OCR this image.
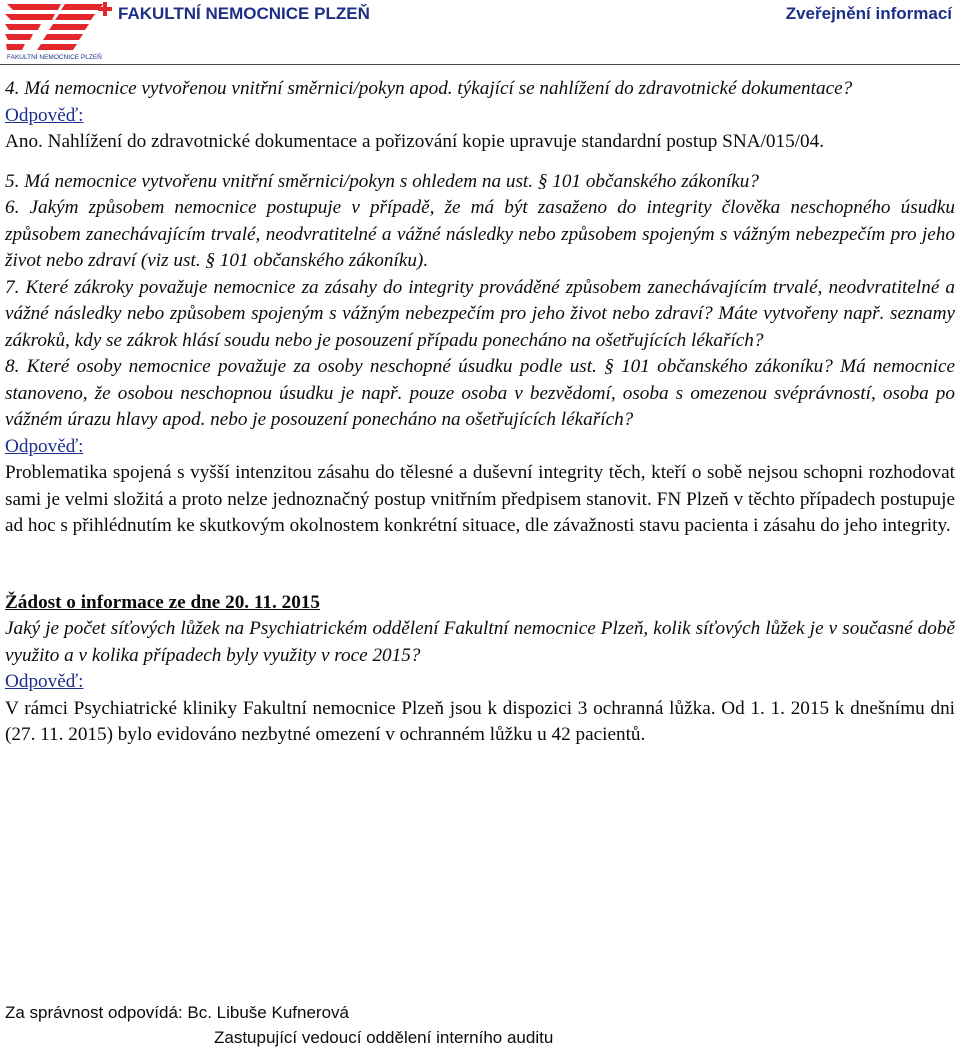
FAKULTNÍ NEMOCNICE PLZEŇ
FAKULTNÍ NEMOCNICE PLZEŇ	Zveřejnění informací

4. Má nemocnice vytvořenou vnitřní směrnici/pokyn apod. týkající se nahlížení do zdravotnické dokumentace?

Odpověď:

Ano. Nahlížení do zdravotnické dokumentace a pořizování kopie upravuje standardní postup SNA/015/04.

5. Má nemocnice vytvořenu vnitřní směrnici/pokyn s ohledem na ust. § 101 občanského zákoníku?

6. Jakým způsobem nemocnice postupuje v případě, že má být zasaženo do integrity člověka neschopného úsudku způsobem zanechávajícím trvalé, neodvratitelné a vážné následky nebo způsobem spojeným s vážným nebezpečím pro jeho život nebo zdraví (viz ust. § 101 občanského zákoníku).

7. Které zákroky považuje nemocnice za zásahy do integrity prováděné způsobem zanechávajícím trvalé, neodvratitelné a vážné následky nebo způsobem spojeným s vážným nebezpečím pro jeho život nebo zdraví? Máte vytvořeny např. seznamy zákroků, kdy se zákrok hlásí soudu nebo je posouzení případu ponecháno na ošetřujících lékařích?

8. Které osoby nemocnice považuje za osoby neschopné úsudku podle ust. § 101 občanského zákoníku? Má nemocnice stanoveno, že osobou neschopnou úsudku je např. pouze osoba v bezvědomí, osoba s omezenou svéprávností, osoba po vážném úrazu hlavy apod. nebo je posouzení ponecháno na ošetřujících lékařích?

Odpověď:

Problematika spojená s vyšší intenzitou zásahu do tělesné a duševní integrity těch, kteří o sobě nejsou schopni rozhodovat sami je velmi složitá a proto nelze jednoznačný postup vnitřním předpisem stanovit. FN Plzeň v těchto případech postupuje ad hoc s přihlédnutím ke skutkovým okolnostem konkrétní situace, dle závažnosti stavu pacienta i zásahu do jeho integrity.

Žádost o informace ze dne 20. 11. 2015

Jaký je počet síťových lůžek na Psychiatrickém oddělení Fakultní nemocnice Plzeň, kolik síťových lůžek je v současné době využito a v kolika případech byly využity v roce 2015?

Odpověď:

V rámci Psychiatrické kliniky Fakultní nemocnice Plzeň jsou k dispozici 3 ochranná lůžka. Od 1. 1. 2015 k dnešnímu dni (27. 11. 2015) bylo evidováno nezbytné omezení v ochranném lůžku u 42 pacientů.

Za správnost odpovídá: Bc. Libuše Kufnerová
Zastupující vedoucí oddělení interního auditu
